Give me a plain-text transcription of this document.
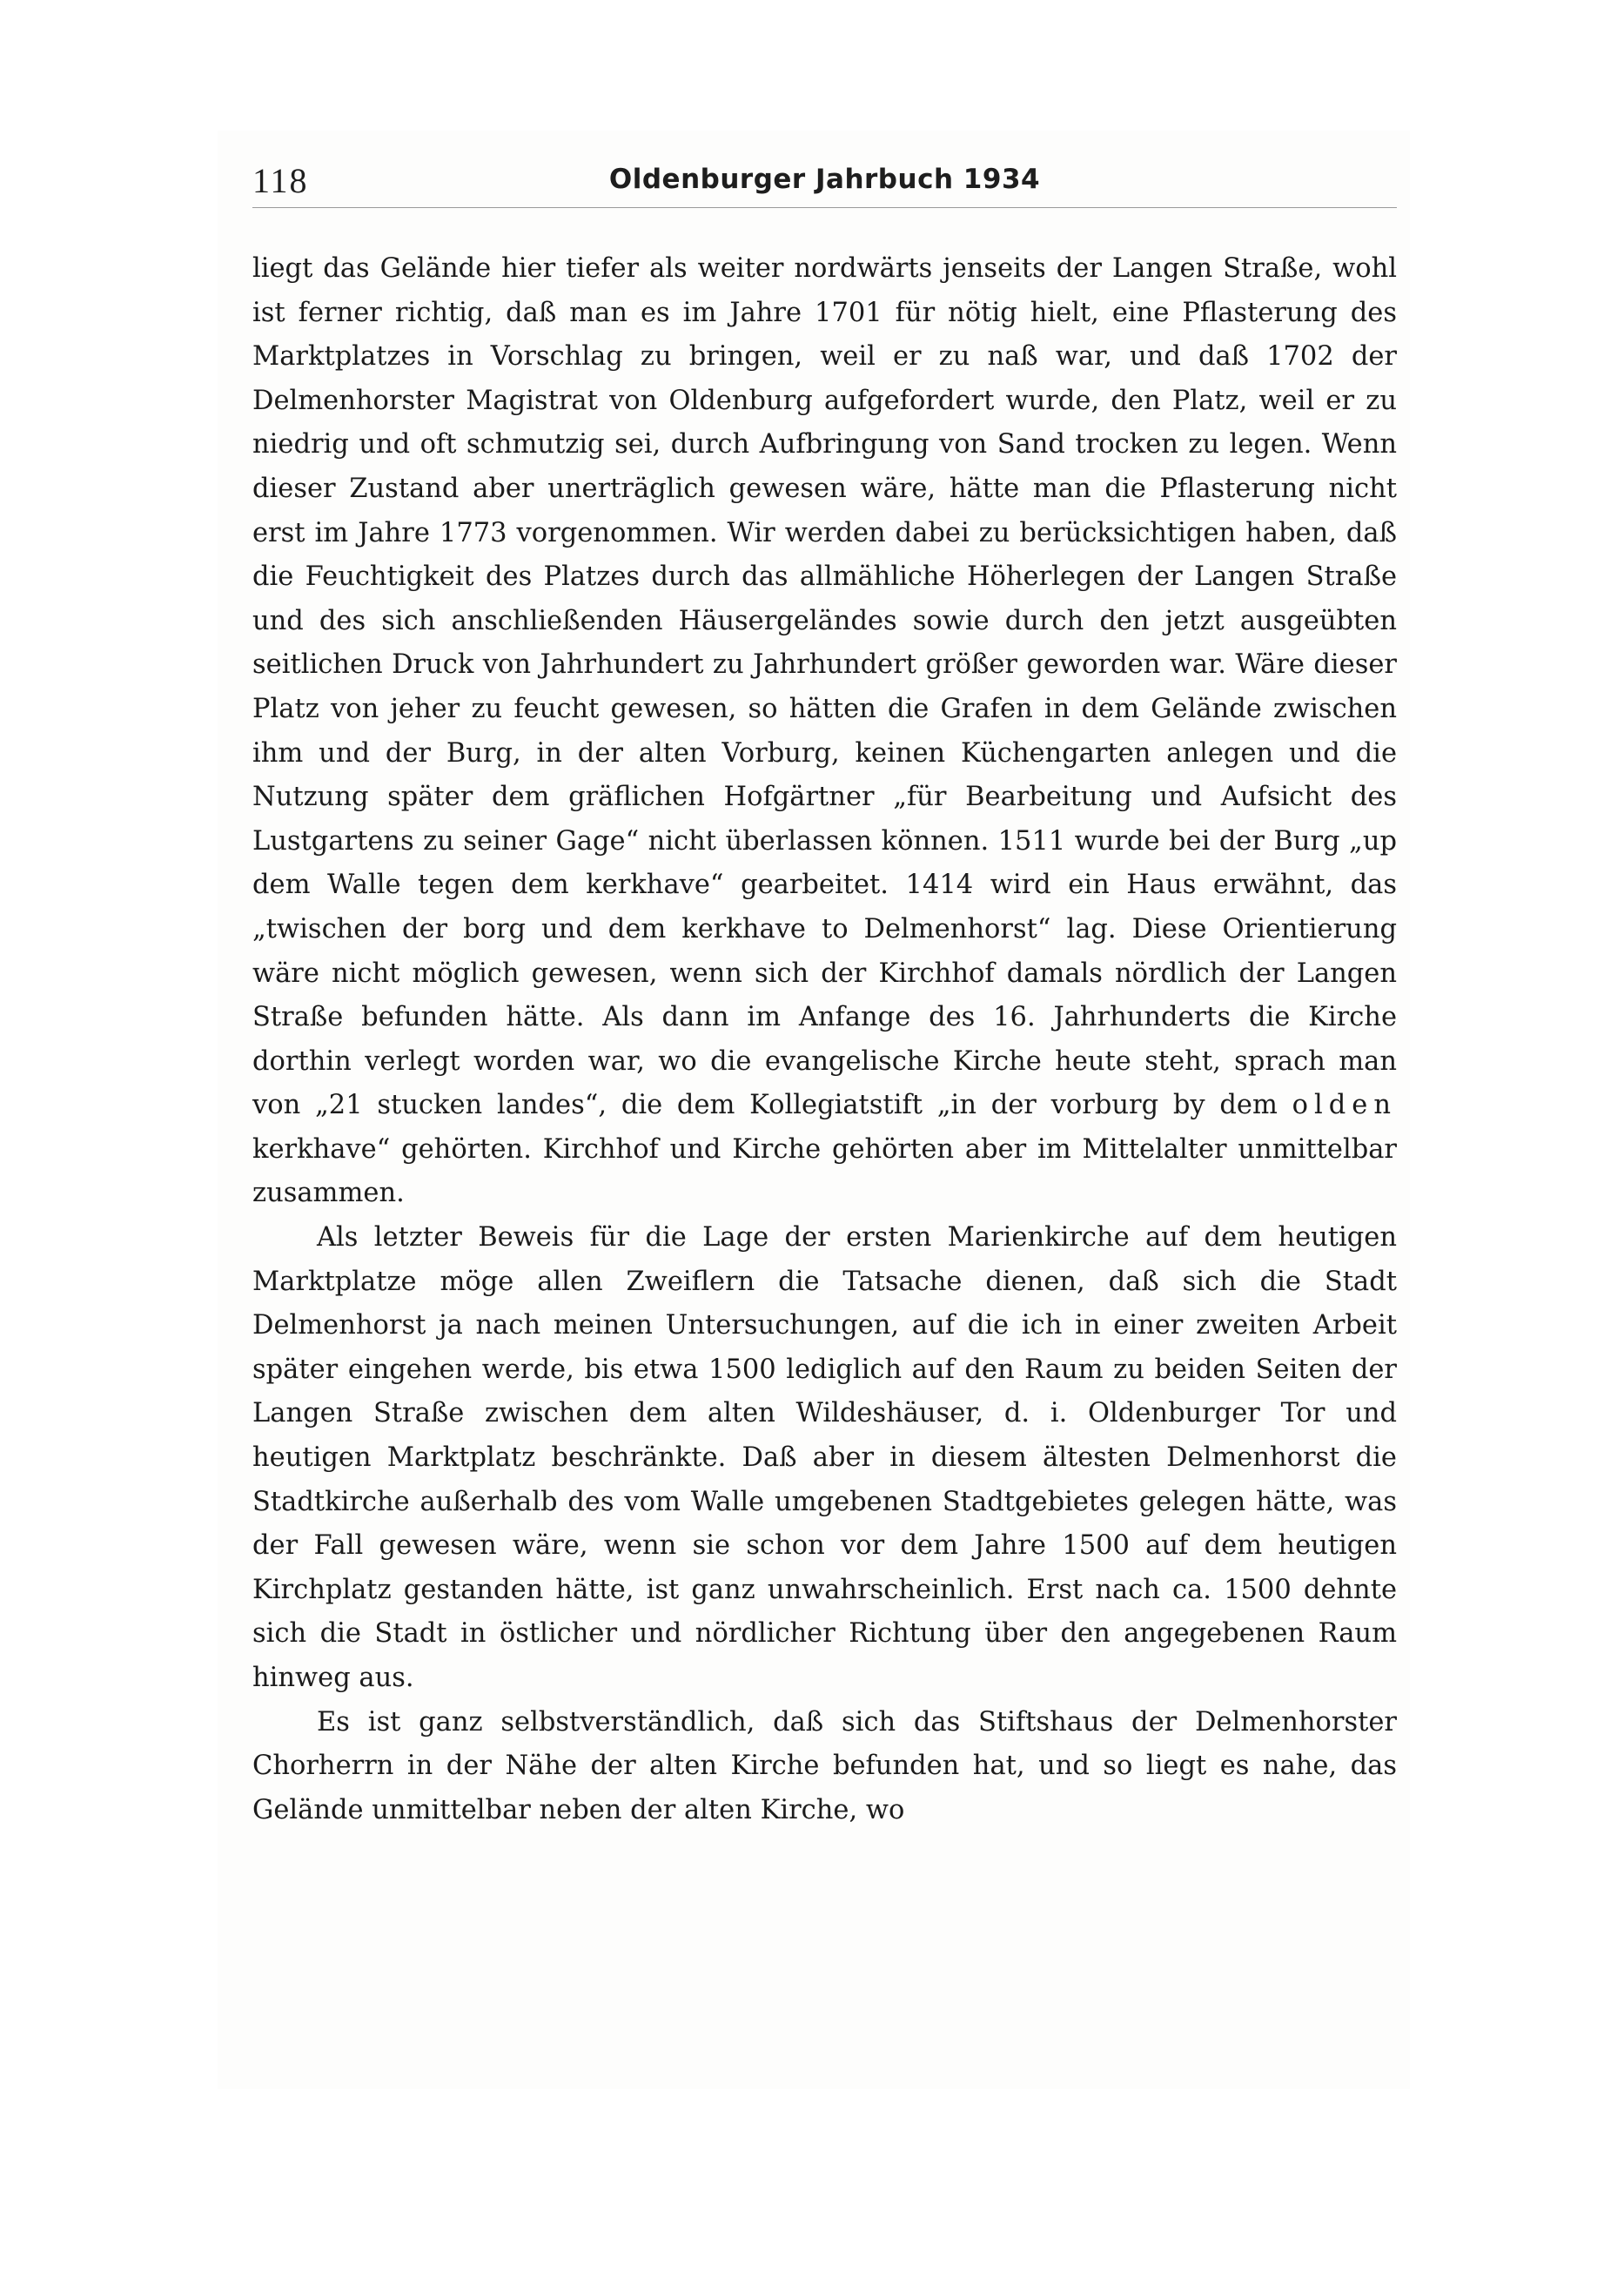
118	Oldenburger Jahrbuch 1934

liegt das Gelände hier tiefer als weiter nordwärts jenseits der Langen Straße, wohl ist ferner richtig, daß man es im Jahre 1701 für nötig hielt, eine Pflasterung des Marktplatzes in Vorschlag zu bringen, weil er zu naß war, und daß 1702 der Delmenhorster Magistrat von Oldenburg aufgefordert wurde, den Platz, weil er zu niedrig und oft schmutzig sei, durch Aufbringung von Sand trocken zu legen. Wenn dieser Zustand aber unerträglich gewesen wäre, hätte man die Pflasterung nicht erst im Jahre 1773 vorgenommen. Wir werden dabei zu berücksichtigen haben, daß die Feuchtigkeit des Platzes durch das allmähliche Höherlegen der Langen Straße und des sich anschließenden Häusergeländes sowie durch den jetzt ausgeübten seitlichen Druck von Jahrhundert zu Jahrhundert größer geworden war. Wäre dieser Platz von jeher zu feucht gewesen, so hätten die Grafen in dem Gelände zwischen ihm und der Burg, in der alten Vorburg, keinen Küchengarten anlegen und die Nutzung später dem gräflichen Hofgärtner „für Bearbeitung und Aufsicht des Lustgartens zu seiner Gage“ nicht überlassen können. 1511 wurde bei der Burg „up dem Walle tegen dem kerkhave“ gearbeitet. 1414 wird ein Haus erwähnt, das „twischen der borg und dem kerkhave to Delmenhorst“ lag. Diese Orientierung wäre nicht möglich gewesen, wenn sich der Kirchhof damals nördlich der Langen Straße befunden hätte. Als dann im Anfange des 16. Jahrhunderts die Kirche dorthin verlegt worden war, wo die evangelische Kirche heute steht, sprach man von „21 stucken landes“, die dem Kollegiatstift „in der vorburg by dem olden kerkhave“ gehörten. Kirchhof und Kirche gehörten aber im Mittelalter unmittelbar zusammen.

Als letzter Beweis für die Lage der ersten Marienkirche auf dem heutigen Marktplatze möge allen Zweiflern die Tatsache dienen, daß sich die Stadt Delmenhorst ja nach meinen Untersuchungen, auf die ich in einer zweiten Arbeit später eingehen werde, bis etwa 1500 lediglich auf den Raum zu beiden Seiten der Langen Straße zwischen dem alten Wildeshäuser, d. i. Oldenburger Tor und heutigen Marktplatz beschränkte. Daß aber in diesem ältesten Delmenhorst die Stadtkirche außerhalb des vom Walle umgebenen Stadtgebietes gelegen hätte, was der Fall gewesen wäre, wenn sie schon vor dem Jahre 1500 auf dem heutigen Kirchplatz gestanden hätte, ist ganz unwahrscheinlich. Erst nach ca. 1500 dehnte sich die Stadt in östlicher und nördlicher Richtung über den angegebenen Raum hinweg aus.

Es ist ganz selbstverständlich, daß sich das Stiftshaus der Delmenhorster Chorherrn in der Nähe der alten Kirche befunden hat, und so liegt es nahe, das Gelände unmittelbar neben der alten Kirche, wo
